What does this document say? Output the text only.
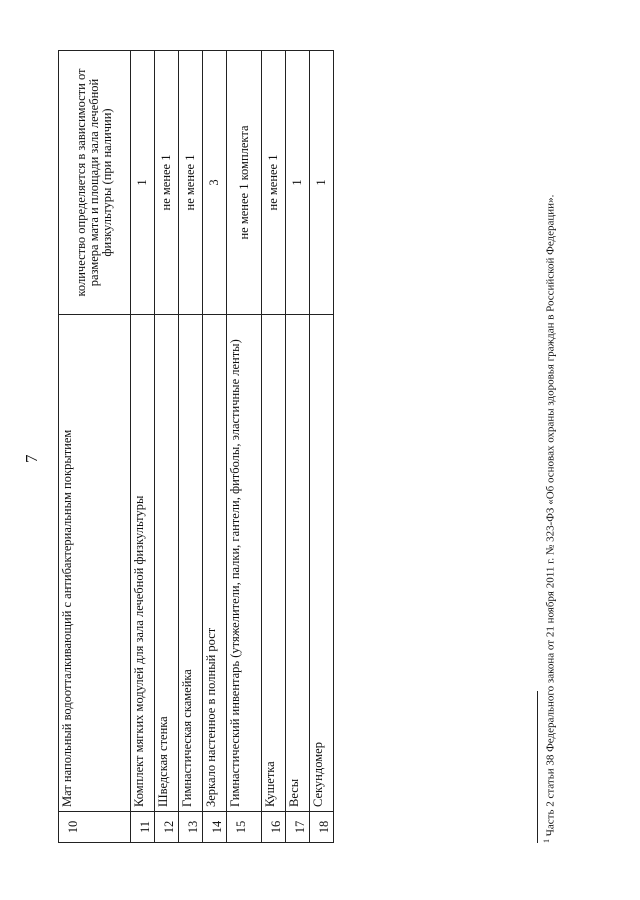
7
10	Мат напольный водоотталкивающий с антибактериальным покрытием	количество определяется в зависимости от размера мата и площади зала лечебной физкультуры (при наличии)
11	Комплект мягких модулей для зала лечебной физкультуры	1
12	Шведская стенка	не менее 1
13	Гимнастическая скамейка	не менее 1
14	Зеркало настенное в полный рост	3
15	Гимнастический инвентарь (утяжелители, палки, гантели, фитболы, эластичные ленты)	не менее 1 комплекта
16	Кушетка	не менее 1
17	Весы	1
18	Секундомер	1
$^1$ Часть 2 статьи 38 Федерального закона от 21 ноября 2011 г. № 323-ФЗ «Об основах охраны здоровья граждан в Российской Федерации».
